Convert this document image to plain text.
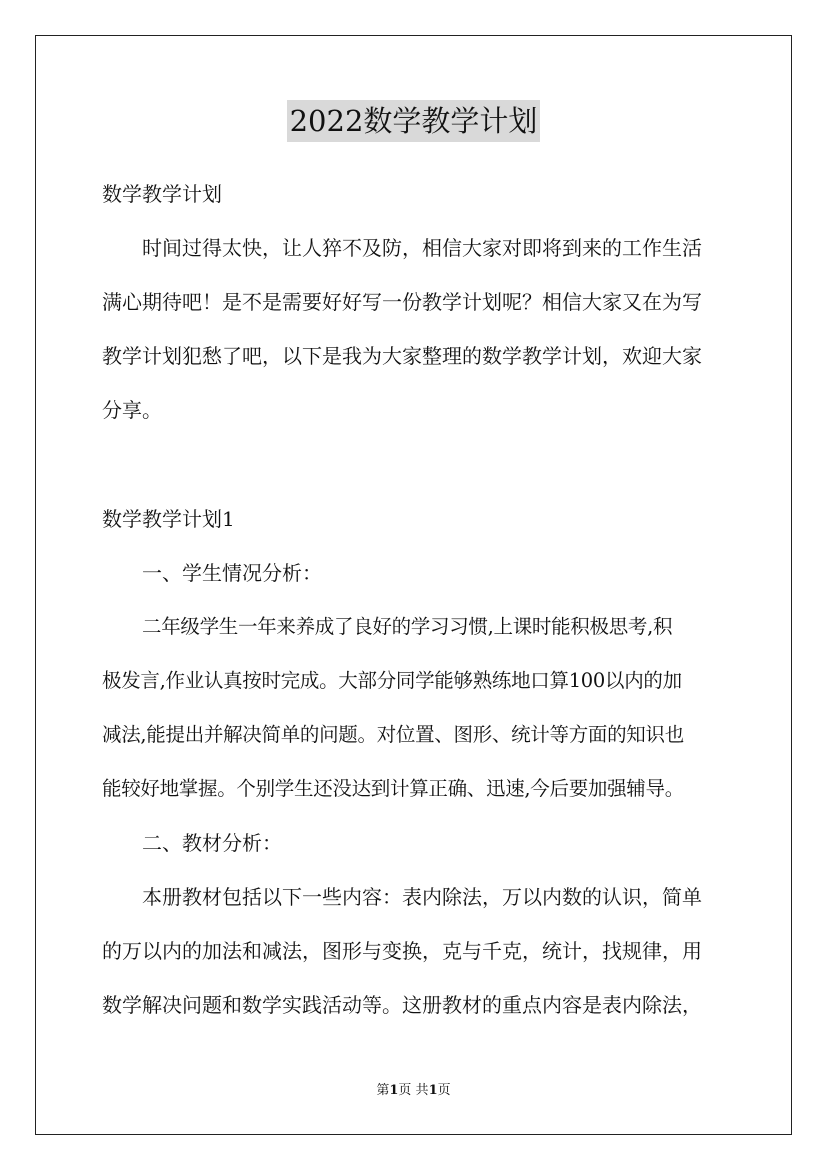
2022数学教学计划
数学教学计划
时间过得太快，让人猝不及防，相信大家对即将到来的工作生活
满心期待吧！是不是需要好好写一份教学计划呢？相信大家又在为写
教学计划犯愁了吧，以下是我为大家整理的数学教学计划，欢迎大家
分享。
数学教学计划1
一、学生情况分析：
二年级学生一年来养成了良好的学习习惯,上课时能积极思考,积
极发言,作业认真按时完成。大部分同学能够熟练地口算100以内的加
减法,能提出并解决简单的问题。对位置、图形、统计等方面的知识也
能较好地掌握。个别学生还没达到计算正确、迅速,今后要加强辅导。
二、教材分析：
本册教材包括以下一些内容：表内除法，万以内数的认识，简单
的万以内的加法和减法，图形与变换，克与千克，统计，找规律，用
数学解决问题和数学实践活动等。这册教材的重点内容是表内除法，
第1页 共1页
